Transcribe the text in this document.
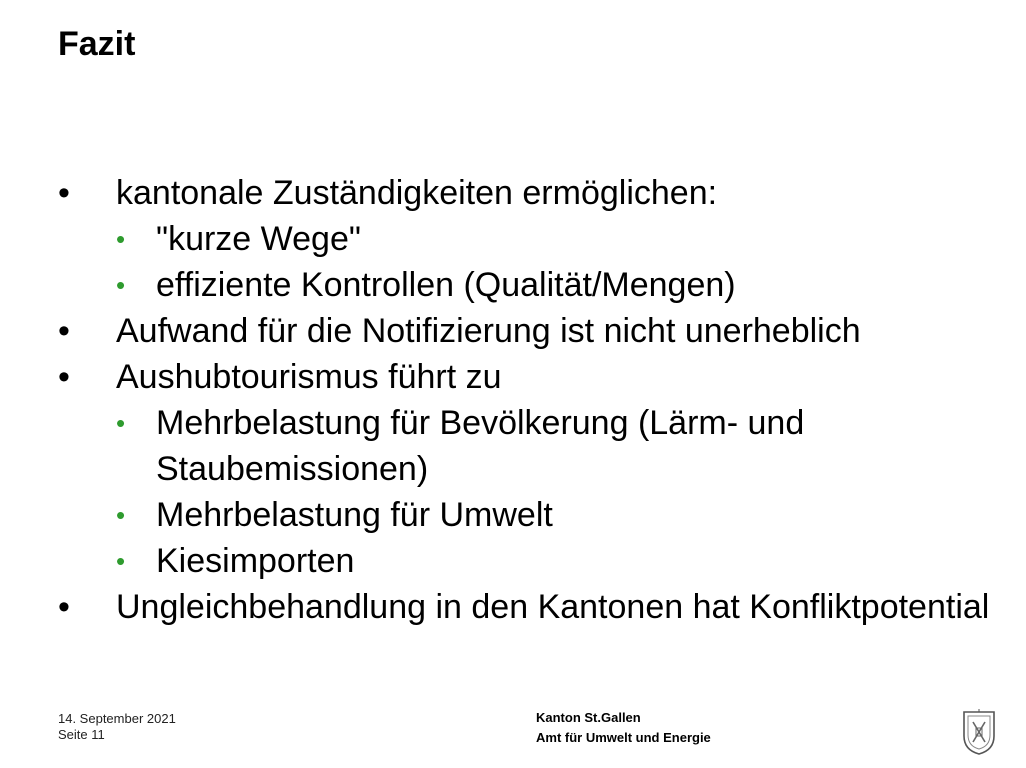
Fazit
• kantonale Zuständigkeiten ermöglichen:
• "kurze Wege"
• effiziente Kontrollen (Qualität/Mengen)
• Aufwand für die Notifizierung ist nicht unerheblich
• Aushubtourismus führt zu
• Mehrbelastung für Bevölkerung (Lärm- und Staubemissionen)
• Mehrbelastung für Umwelt
• Kiesimporten
• Ungleichbehandlung in den Kantonen hat Konfliktpotential
14. September 2021
Seite 11
Kanton St.Gallen
Amt für Umwelt und Energie
